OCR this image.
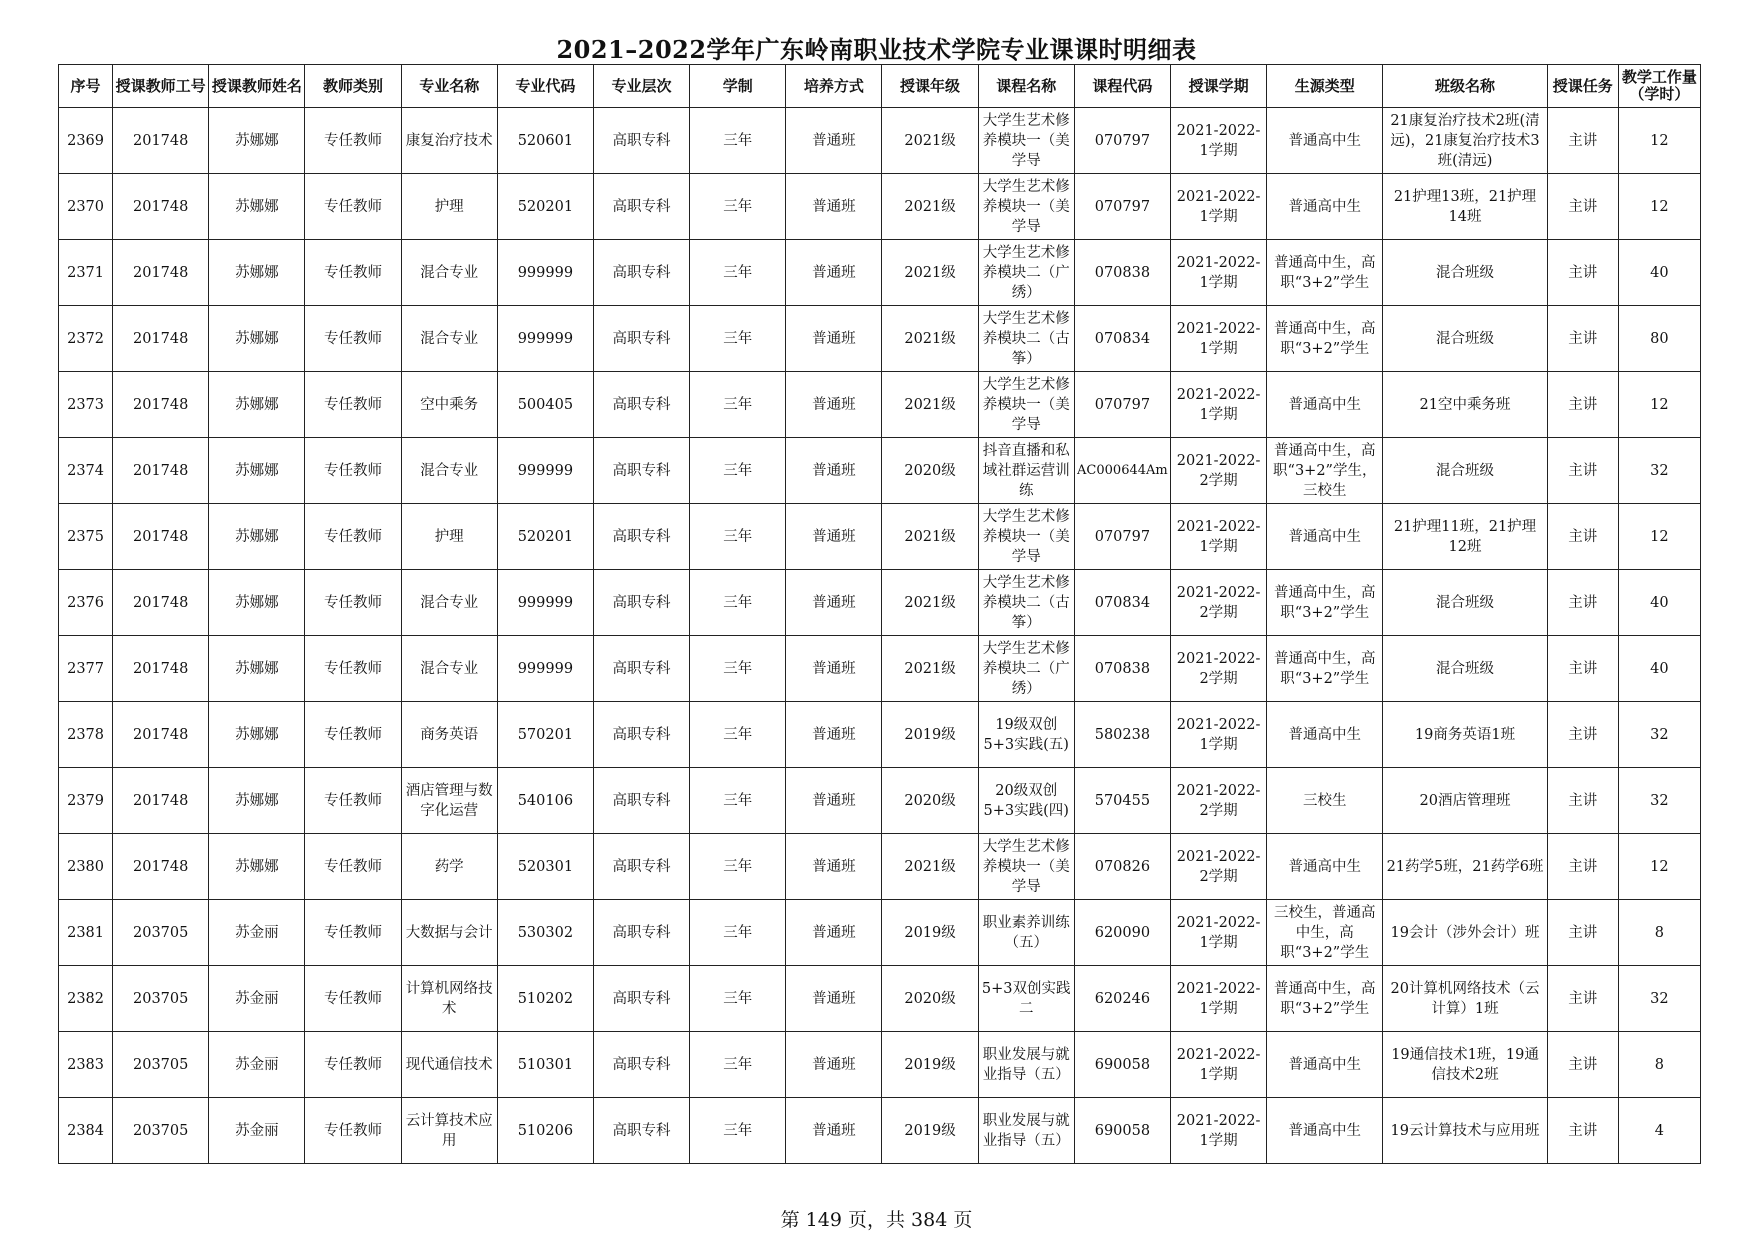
2021–2022学年广东岭南职业技术学院专业课课时明细表
序号	授课教师工号	授课教师姓名	教师类别	专业名称	专业代码	专业层次	学制	培养方式	授课年级	课程名称	课程代码	授课学期	生源类型	班级名称	授课任务	教学工作量（学时）

2369	201748	苏娜娜	专任教师	康复治疗技术	520601	高职专科	三年	普通班	2021级	大学生艺术修养模块一（美学导	070797	2021-2022-1学期	普通高中生	21康复治疗技术2班(清远)，21康复治疗技术3班(清远)	主讲	12

2370	201748	苏娜娜	专任教师	护理	520201	高职专科	三年	普通班	2021级	大学生艺术修养模块一（美学导	070797	2021-2022-1学期	普通高中生	21护理13班，21护理14班	主讲	12

2371	201748	苏娜娜	专任教师	混合专业	999999	高职专科	三年	普通班	2021级	大学生艺术修养模块二（广绣）	070838	2021-2022-1学期	普通高中生，高职“3+2”学生	混合班级	主讲	40

2372	201748	苏娜娜	专任教师	混合专业	999999	高职专科	三年	普通班	2021级	大学生艺术修养模块二（古筝）	070834	2021-2022-1学期	普通高中生，高职“3+2”学生	混合班级	主讲	80

2373	201748	苏娜娜	专任教师	空中乘务	500405	高职专科	三年	普通班	2021级	大学生艺术修养模块一（美学导	070797	2021-2022-1学期	普通高中生	21空中乘务班	主讲	12

2374	201748	苏娜娜	专任教师	混合专业	999999	高职专科	三年	普通班	2020级	抖音直播和私域社群运营训练	AC000644Am	2021-2022-2学期	普通高中生，高职“3+2”学生，三校生	混合班级	主讲	32

2375	201748	苏娜娜	专任教师	护理	520201	高职专科	三年	普通班	2021级	大学生艺术修养模块一（美学导	070797	2021-2022-1学期	普通高中生	21护理11班，21护理12班	主讲	12

2376	201748	苏娜娜	专任教师	混合专业	999999	高职专科	三年	普通班	2021级	大学生艺术修养模块二（古筝）	070834	2021-2022-2学期	普通高中生，高职“3+2”学生	混合班级	主讲	40

2377	201748	苏娜娜	专任教师	混合专业	999999	高职专科	三年	普通班	2021级	大学生艺术修养模块二（广绣）	070838	2021-2022-2学期	普通高中生，高职“3+2”学生	混合班级	主讲	40

2378	201748	苏娜娜	专任教师	商务英语	570201	高职专科	三年	普通班	2019级	19级双创5+3实践(五)	580238	2021-2022-1学期	普通高中生	19商务英语1班	主讲	32

2379	201748	苏娜娜	专任教师	酒店管理与数字化运营	540106	高职专科	三年	普通班	2020级	20级双创5+3实践(四)	570455	2021-2022-2学期	三校生	20酒店管理班	主讲	32

2380	201748	苏娜娜	专任教师	药学	520301	高职专科	三年	普通班	2021级	大学生艺术修养模块一（美学导	070826	2021-2022-2学期	普通高中生	21药学5班，21药学6班	主讲	12

2381	203705	苏金丽	专任教师	大数据与会计	530302	高职专科	三年	普通班	2019级	职业素养训练（五）	620090	2021-2022-1学期	三校生，普通高中生，高职“3+2”学生	19会计（涉外会计）班	主讲	8

2382	203705	苏金丽	专任教师	计算机网络技术	510202	高职专科	三年	普通班	2020级	5+3双创实践二	620246	2021-2022-1学期	普通高中生，高职“3+2”学生	20计算机网络技术（云计算）1班	主讲	32

2383	203705	苏金丽	专任教师	现代通信技术	510301	高职专科	三年	普通班	2019级	职业发展与就业指导（五）	690058	2021-2022-1学期	普通高中生	19通信技术1班，19通信技术2班	主讲	8

2384	203705	苏金丽	专任教师	云计算技术应用	510206	高职专科	三年	普通班	2019级	职业发展与就业指导（五）	690058	2021-2022-1学期	普通高中生	19云计算技术与应用班	主讲	4
第 149 页，共 384 页
